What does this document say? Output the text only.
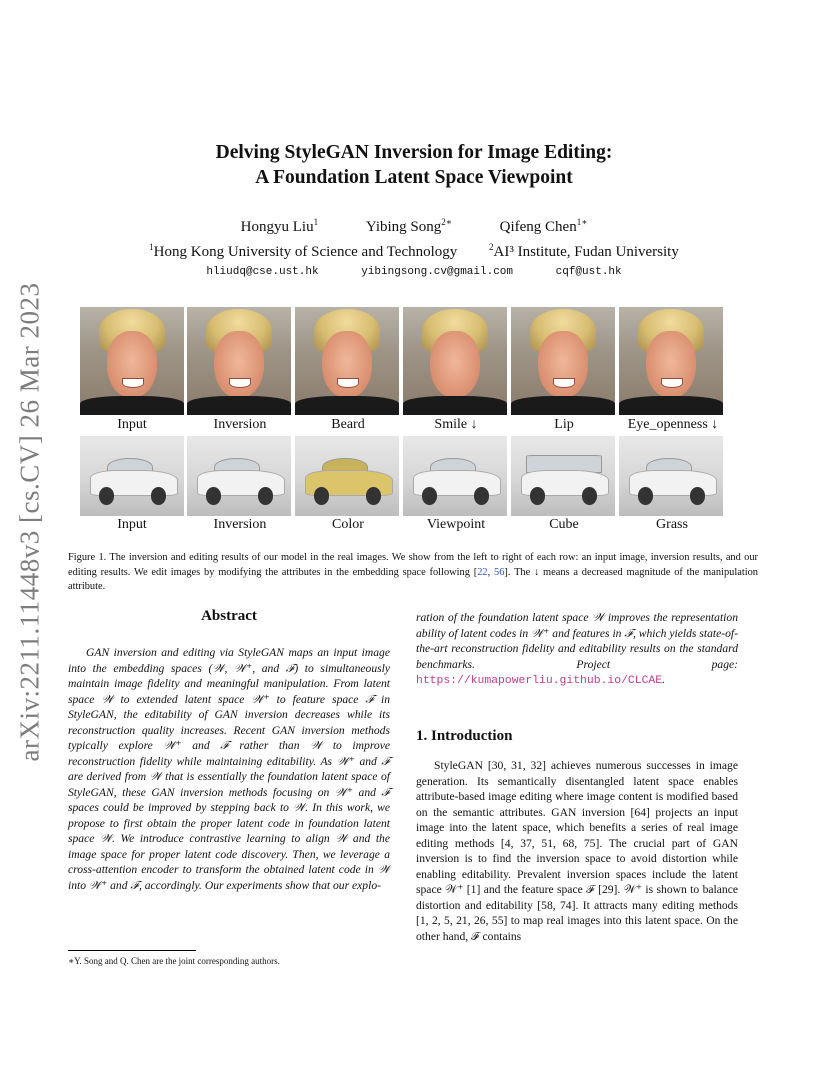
arXiv:2211.11448v3 [cs.CV] 26 Mar 2023
Delving StyleGAN Inversion for Image Editing:
A Foundation Latent Space Viewpoint
Hongyu Liu$^1$	Yibing Song$^{2∗}$	Qifeng Chen$^{1∗}$
$^1$Hong Kong University of Science and Technology	$^2$AI³ Institute, Fudan University
hliudq@cse.ust.hk	yibingsong.cv@gmail.com	cqf@ust.hk
Input	Inversion	Beard	Smile ↓	Lip	Eye_openness ↓
Input	Inversion	Color	Viewpoint	Cube	Grass
Figure 1. The inversion and editing results of our model in the real images. We show from the left to right of each row: an input image, inversion results, and our editing results. We edit images by modifying the attributes in the embedding space following [22, 56]. The ↓ means a decreased magnitude of the manipulation attribute.
Abstract
GAN inversion and editing via StyleGAN maps an input image into the embedding spaces (𝒲, 𝒲⁺, and ℱ) to simultaneously maintain image fidelity and meaningful manipulation. From latent space 𝒲 to extended latent space 𝒲⁺ to feature space ℱ in StyleGAN, the editability of GAN inversion decreases while its reconstruction quality increases. Recent GAN inversion methods typically explore 𝒲⁺ and ℱ rather than 𝒲 to improve reconstruction fidelity while maintaining editability. As 𝒲⁺ and ℱ are derived from 𝒲 that is essentially the foundation latent space of StyleGAN, these GAN inversion methods focusing on 𝒲⁺ and ℱ spaces could be improved by stepping back to 𝒲. In this work, we propose to first obtain the proper latent code in foundation latent space 𝒲. We introduce contrastive learning to align 𝒲 and the image space for proper latent code discovery. Then, we leverage a cross-attention encoder to transform the obtained latent code in 𝒲 into 𝒲⁺ and ℱ, accordingly. Our experiments show that our explo-
ration of the foundation latent space 𝒲 improves the representation ability of latent codes in 𝒲⁺ and features in ℱ, which yields state-of-the-art reconstruction fidelity and editability results on the standard benchmarks. Project page: https://kumapowerliu.github.io/CLCAE.
1. Introduction
StyleGAN [30, 31, 32] achieves numerous successes in image generation. Its semantically disentangled latent space enables attribute-based image editing where image content is modified based on the semantic attributes. GAN inversion [64] projects an input image into the latent space, which benefits a series of real image editing methods [4, 37, 51, 68, 75]. The crucial part of GAN inversion is to find the inversion space to avoid distortion while enabling editability. Prevalent inversion spaces include the latent space 𝒲⁺ [1] and the feature space ℱ [29]. 𝒲⁺ is shown to balance distortion and editability [58, 74]. It attracts many editing methods [1, 2, 5, 21, 26, 55] to map real images into this latent space. On the other hand, ℱ contains
∗Y. Song and Q. Chen are the joint corresponding authors.
